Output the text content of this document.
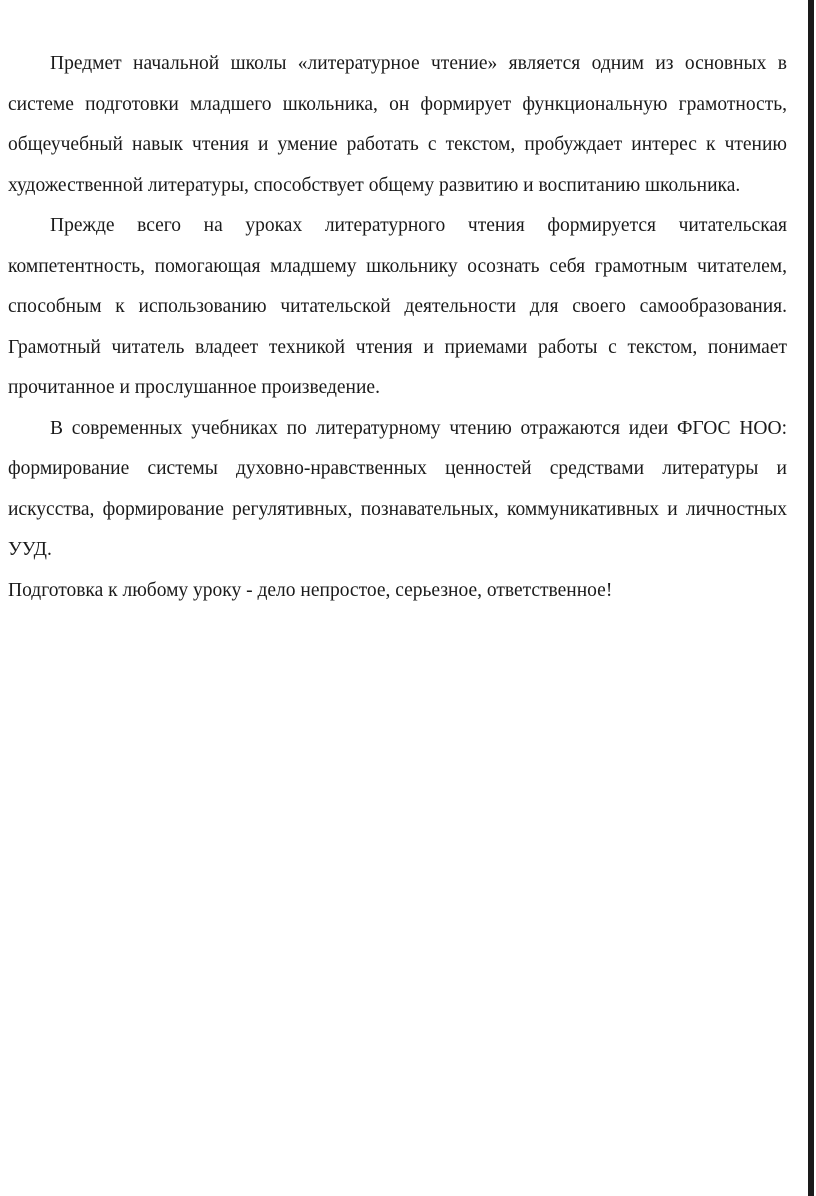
Предмет начальной школы «литературное чтение» является одним из основных в системе подготовки младшего школьника, он формирует функциональную грамотность, общеучебный навык чтения и умение работать с текстом, пробуждает интерес к чтению художественной литературы, способствует общему развитию и воспитанию школьника.

Прежде всего на уроках литературного чтения формируется читательская компетентность, помогающая младшему школьнику осознать себя грамотным читателем, способным к использованию читательской деятельности для своего самообразования. Грамотный читатель владеет техникой чтения и приемами работы с текстом, понимает прочитанное и прослушанное произведение.

В современных учебниках по литературному чтению отражаются идеи ФГОС НОО: формирование системы духовно-нравственных ценностей средствами литературы и искусства, формирование регулятивных, познавательных, коммуникативных и личностных УУД.

Подготовка к любому уроку - дело непростое, серьезное, ответственное!
